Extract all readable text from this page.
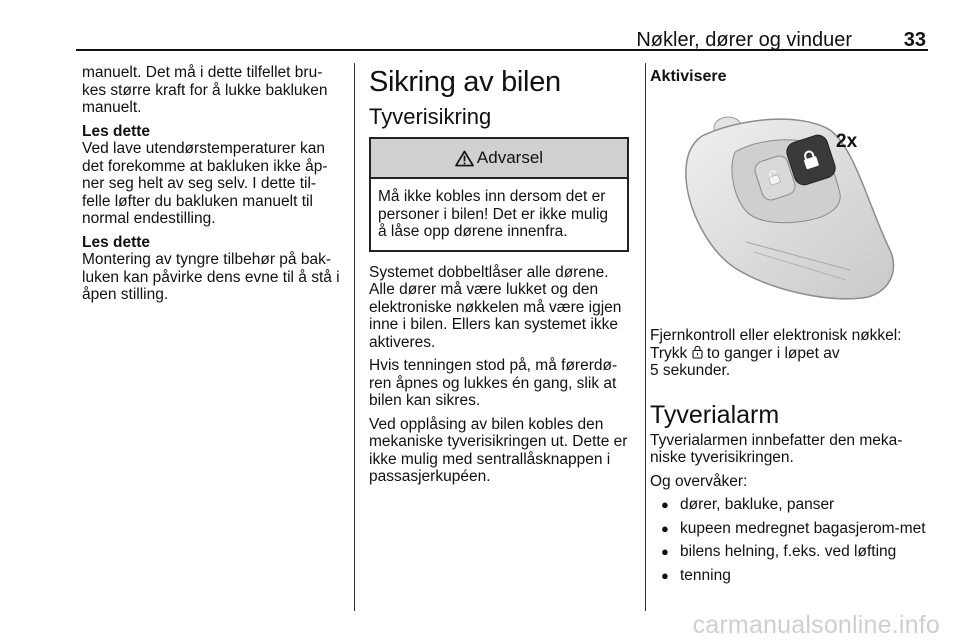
Nøkler, dører og vinduer	33

manuelt. Det må i dette tilfellet bru-kes større kraft for å lukke bakluken manuelt.

Les dette

Ved lave utendørstemperaturer kan det forekomme at bakluken ikke åp-ner seg helt av seg selv. I dette til-felle løfter du bakluken manuelt til normal endestilling.

Les dette

Montering av tyngre tilbehør på bak-luken kan påvirke dens evne til å stå i åpen stilling.

Sikring av bilen
Tyverisikring
Advarsel

Må ikke kobles inn dersom det er personer i bilen! Det er ikke mulig å låse opp dørene innenfra.

Systemet dobbeltlåser alle dørene. Alle dører må være lukket og den elektroniske nøkkelen må være igjen inne i bilen. Ellers kan systemet ikke aktiveres.

Hvis tenningen stod på, må førerdø-ren åpnes og lukkes én gang, slik at bilen kan sikres.

Ved opplåsing av bilen kobles den mekaniske tyverisikringen ut. Dette er ikke mulig med sentrallåsknappen i passasjerkupéen.

Aktivisere

2x

Fjernkontroll eller elektronisk nøkkel:

Trykk  to ganger i løpet av

5 sekunder.

Tyverialarm

Tyverialarmen innbefatter den meka-niske tyverisikringen.

Og overvåker:

● dører, bakluke, panser
● kupeen medregnet bagasjerom-met
● bilens helning, f.eks. ved løfting
● tenning
carmanualsonline.info
